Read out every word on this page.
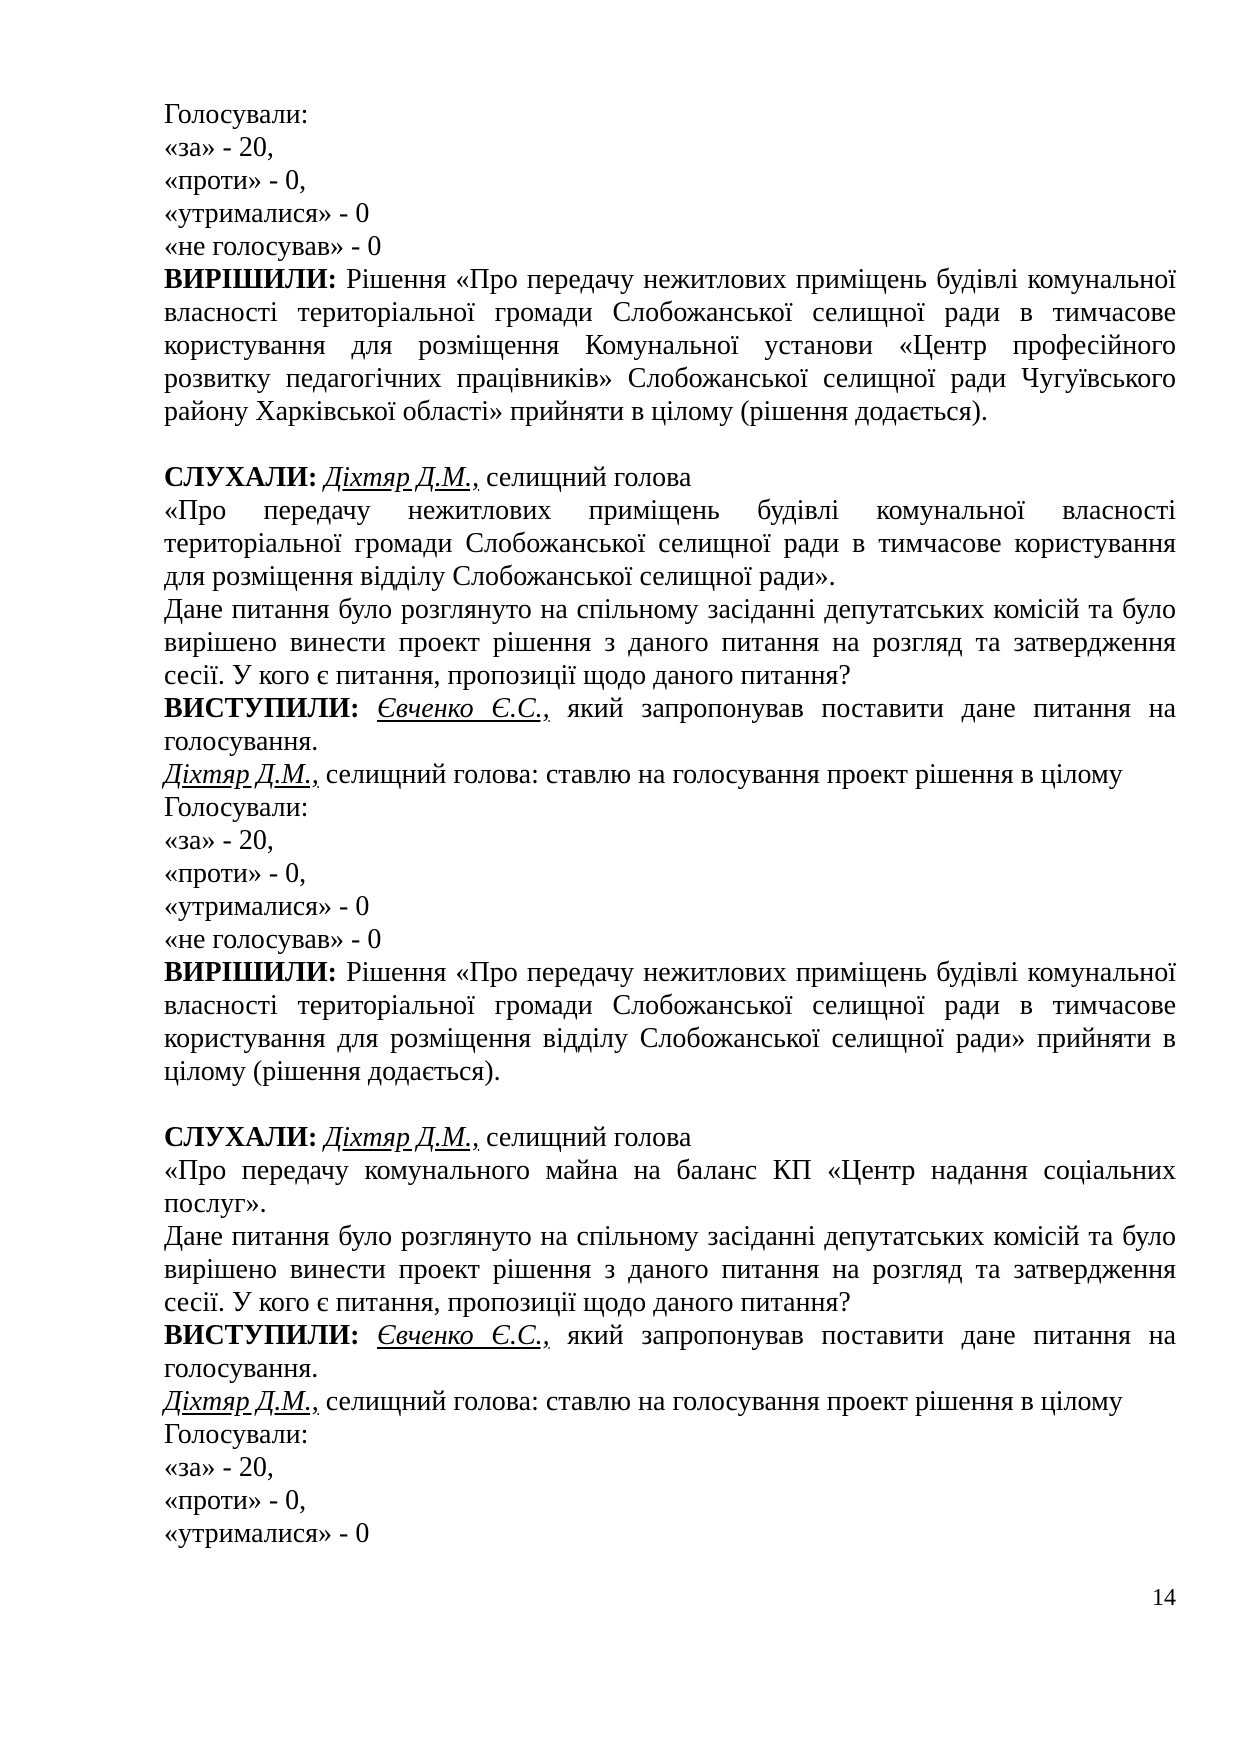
Голосували:
«за» - 20,
«проти» - 0,
«утрималися» - 0
«не голосував» - 0
ВИРІШИЛИ: Рішення «Про передачу нежитлових приміщень будівлі комунальної власності територіальної громади Слобожанської селищної ради в тимчасове користування для розміщення Комунальної установи «Центр професійного розвитку педагогічних працівників» Слобожанської селищної ради Чугуївського району Харківської області» прийняти в цілому (рішення додається).
СЛУХАЛИ: Діхтяр Д.М., селищний голова
«Про передачу нежитлових приміщень будівлі комунальної власності територіальної громади Слобожанської селищної ради в тимчасове користування для розміщення відділу Слобожанської селищної ради».
Дане питання було розглянуто на спільному засіданні депутатських комісій та було вирішено винести проект рішення з даного питання на розгляд та затвердження сесії. У кого є питання, пропозиції щодо даного питання?
ВИСТУПИЛИ: Євченко Є.С., який запропонував поставити дане питання на голосування.
Діхтяр Д.М., селищний голова: ставлю на голосування проект рішення в цілому
Голосували:
«за» - 20,
«проти» - 0,
«утрималися» - 0
«не голосував» - 0
ВИРІШИЛИ: Рішення «Про передачу нежитлових приміщень будівлі комунальної власності територіальної громади Слобожанської селищної ради в тимчасове користування для розміщення відділу Слобожанської селищної ради» прийняти в цілому (рішення додається).
СЛУХАЛИ: Діхтяр Д.М., селищний голова
«Про передачу комунального майна на баланс КП «Центр надання соціальних послуг».
Дане питання було розглянуто на спільному засіданні депутатських комісій та було вирішено винести проект рішення з даного питання на розгляд та затвердження сесії. У кого є питання, пропозиції щодо даного питання?
ВИСТУПИЛИ: Євченко Є.С., який запропонував поставити дане питання на голосування.
Діхтяр Д.М., селищний голова: ставлю на голосування проект рішення в цілому
Голосували:
«за» - 20,
«проти» - 0,
«утрималися» - 0
14
